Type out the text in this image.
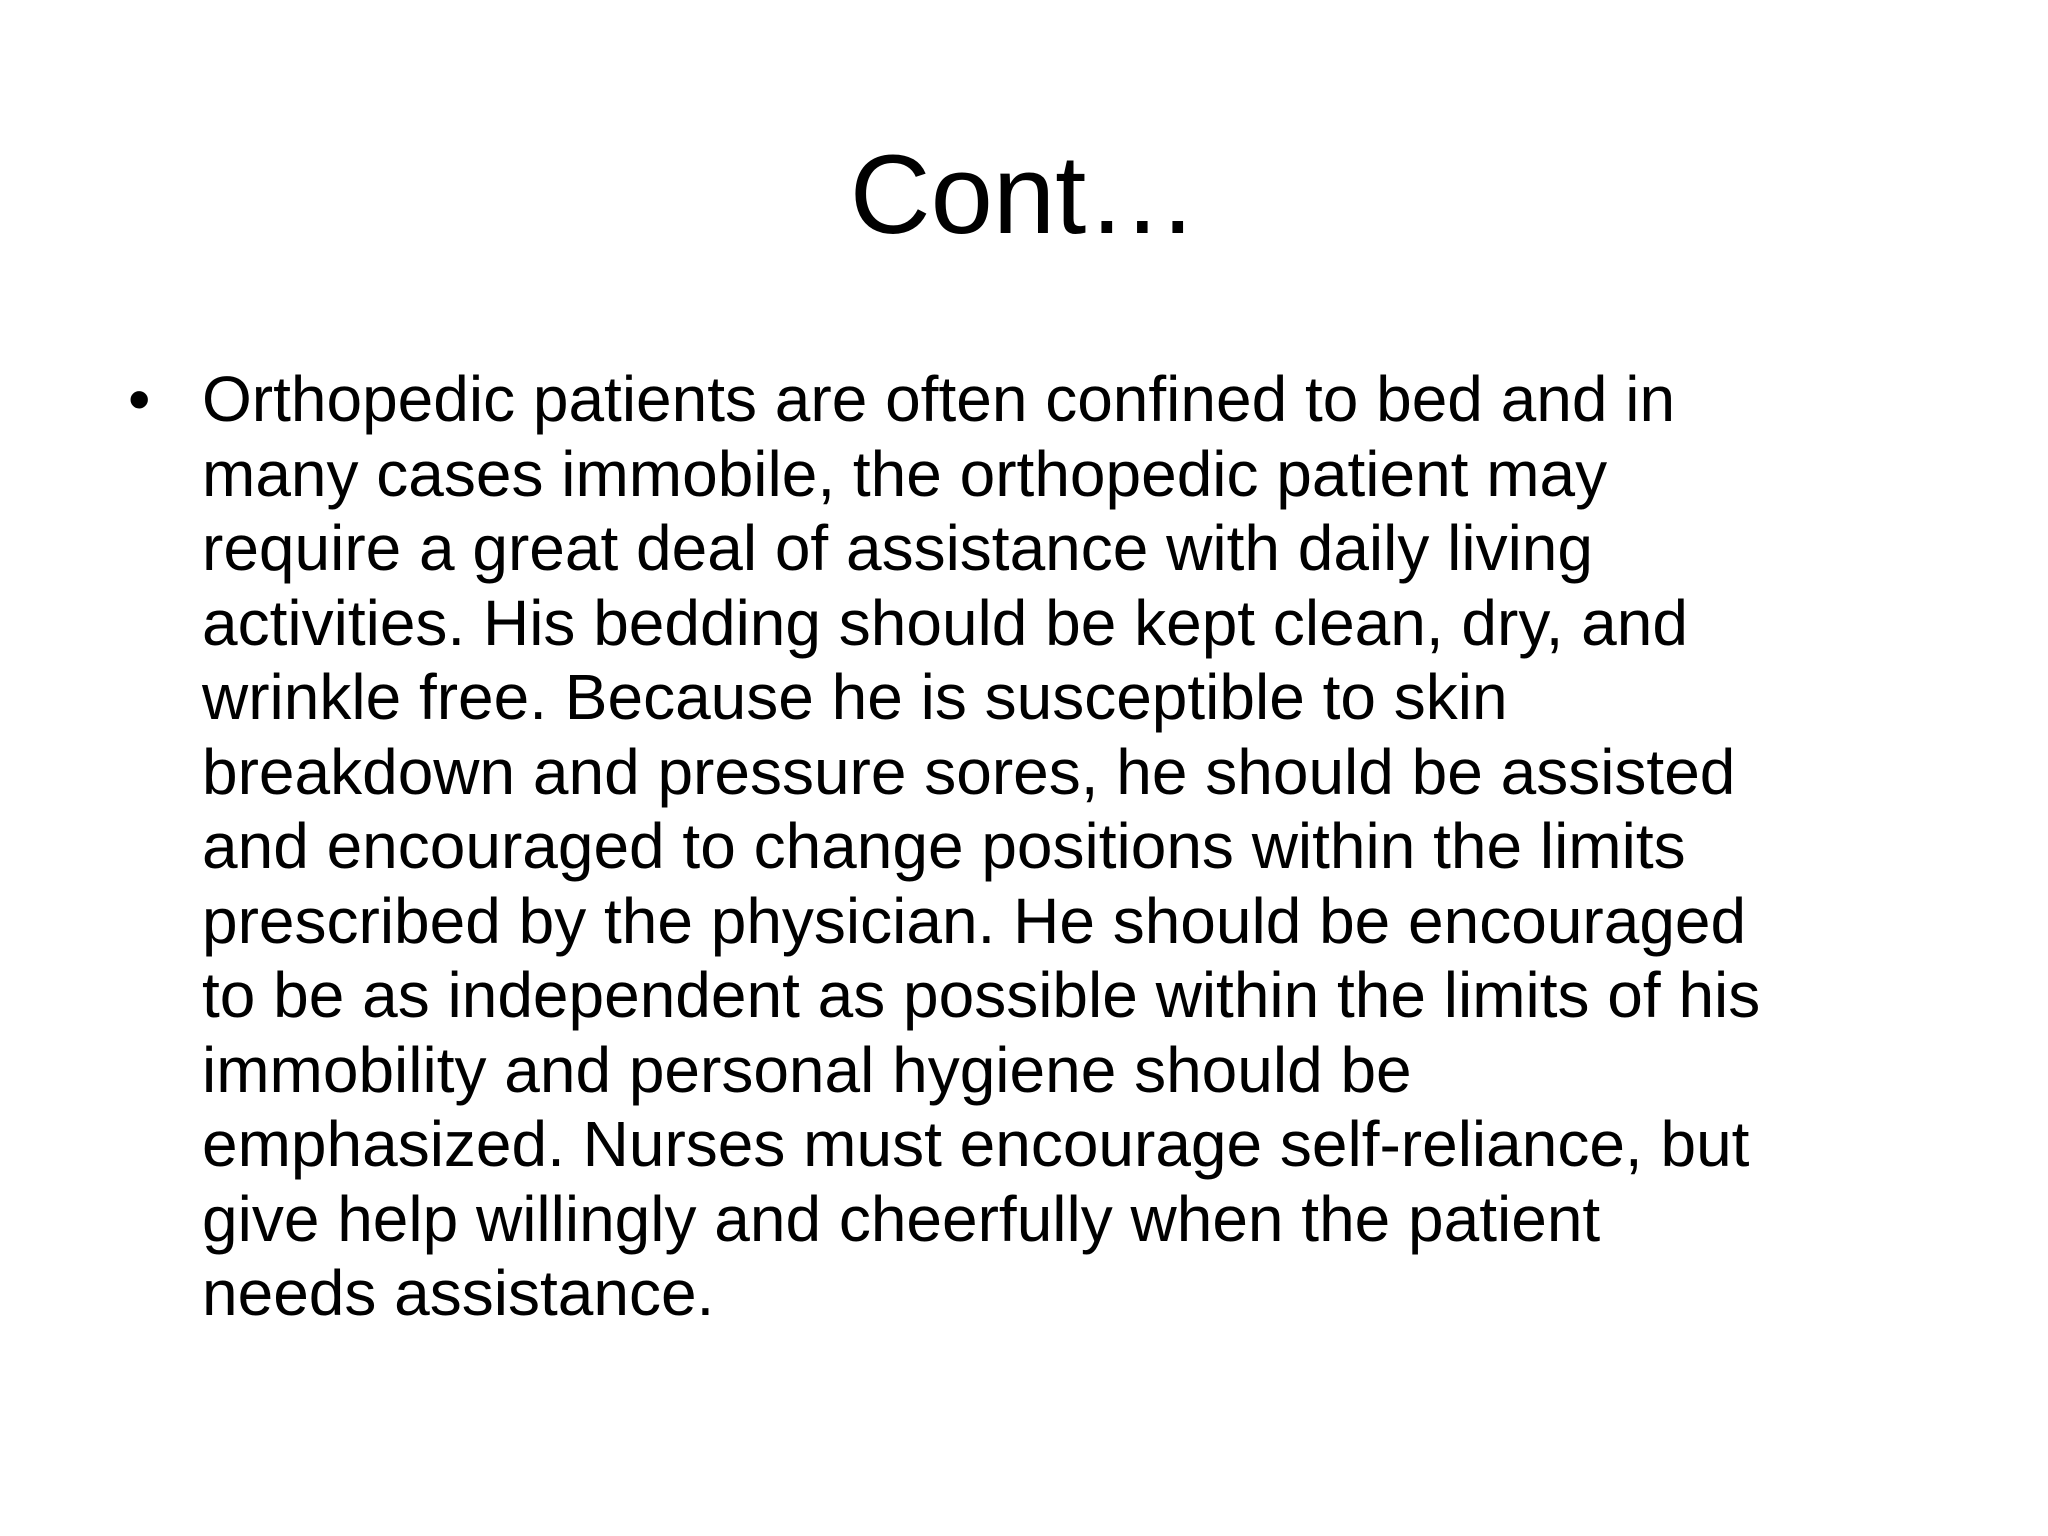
Cont…
• Orthopedic patients are often confined to bed and in
many cases immobile, the orthopedic patient may
require a great deal of assistance with daily living
activities. His bedding should be kept clean, dry, and
wrinkle free. Because he is susceptible to skin
breakdown and pressure sores, he should be assisted
and encouraged to change positions within the limits
prescribed by the physician. He should be encouraged
to be as independent as possible within the limits of his
immobility and personal hygiene should be
emphasized. Nurses must encourage self-reliance, but
give help willingly and cheerfully when the patient
needs assistance.
